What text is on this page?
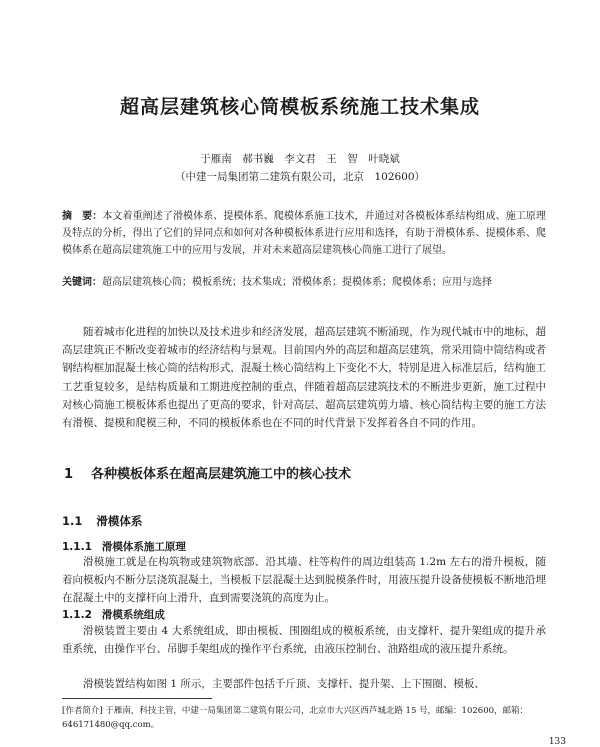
超高层建筑核心筒模板系统施工技术集成
于雁南　郝书巍　李文君　王　智　叶晓斌
（中建一局集团第二建筑有限公司，北京　102600）
摘　要：本文着重阐述了滑模体系、提模体系、爬模体系施工技术，并通过对各模板体系结构组成、施工原理及特点的分析，得出了它们的异同点和如何对各种模板体系进行应用和选择，有助于滑模体系、提模体系、爬模体系在超高层建筑施工中的应用与发展，并对未来超高层建筑核心筒施工进行了展望。
关键词：超高层建筑核心筒；模板系统；技术集成；滑模体系；提模体系；爬模体系；应用与选择
随着城市化进程的加快以及技术进步和经济发展，超高层建筑不断涌现，作为现代城市中的地标，超高层建筑正不断改变着城市的经济结构与景观。目前国内外的高层和超高层建筑，常采用筒中筒结构或者钢结构框加混凝土核心筒的结构形式，混凝土核心筒结构上下变化不大，特别是进入标准层后，结构施工工艺重复较多，是结构质量和工期进度控制的重点，伴随着超高层建筑技术的不断进步更新，施工过程中对核心筒施工模板体系也提出了更高的要求，针对高层、超高层建筑剪力墙、核心筒结构主要的施工方法有滑模、提模和爬模三种，不同的模板体系也在不同的时代背景下发挥着各自不同的作用。
1 各种模板体系在超高层建筑施工中的核心技术
1.1 滑模体系
1.1.1 滑模体系施工原理
滑模施工就是在构筑物或建筑物底部、沿其墙、柱等构件的周边组装高 1.2m 左右的滑升模板，随着向模板内不断分层浇筑混凝土，当模板下层混凝土达到脱模条件时，用液压提升设备使模板不断地沿埋在混凝土中的支撑杆向上滑升，直到需要浇筑的高度为止。
1.1.2 滑模系统组成
滑模装置主要由 4 大系统组成，即由模板、围圈组成的模板系统，由支撑杆、提升架组成的提升承重系统，由操作平台、吊脚手架组成的操作平台系统，由液压控制台、油路组成的液压提升系统。
滑模装置结构如图 1 所示，主要部件包括千斤顶、支撑杆、提升架、上下围圈、模板、
[作者简介] 于雁南，科技主管，中建一局集团第二建筑有限公司，北京市大兴区西芦城北路 15 号，邮编：102600，邮箱：646171480@qq.com。
133
